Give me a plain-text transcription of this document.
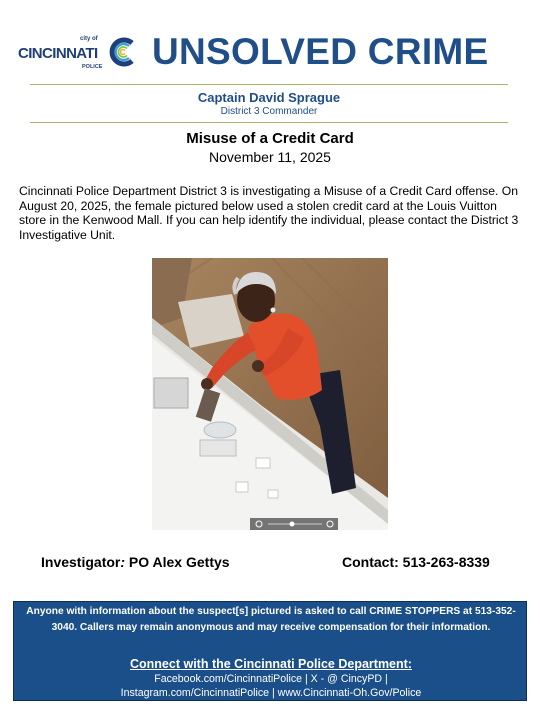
city of
CINCINNATI
POLICE UNSOLVED CRIME
Captain David Sprague
District 3 Commander
Misuse of a Credit Card
November 11, 2025

Cincinnati Police Department District 3 is investigating a Misuse of a Credit Card offense. On August 20, 2025, the female pictured below used a stolen credit card at the Louis Vuitton store in the Kenwood Mall. If you can help identify the individual, please contact the District 3 Investigative Unit.

Investigator: PO Alex Gettys	Contact: 513-263-8339
Anyone with information about the suspect[s] pictured is asked to call CRIME STOPPERS at 513-352-3040. Callers may remain anonymous and may receive compensation for their information.
Connect with the Cincinnati Police Department:
Facebook.com/CincinnatiPolice | X - @ CincyPD |
Instagram.com/CincinnatiPolice | www.Cincinnati-Oh.Gov/Police
